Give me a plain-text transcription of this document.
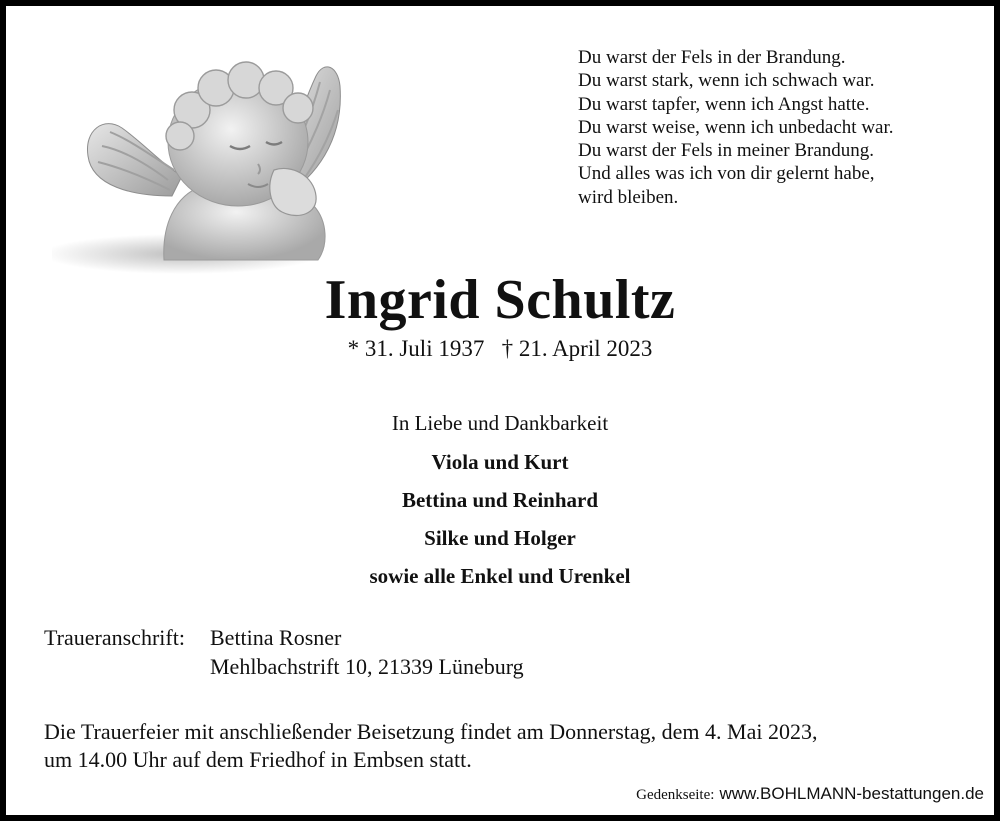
Du warst der Fels in der Brandung.
Du warst stark, wenn ich schwach war.
Du warst tapfer, wenn ich Angst hatte.
Du warst weise, wenn ich unbedacht war.
Du warst der Fels in meiner Brandung.
Und alles was ich von dir gelernt habe,
wird bleiben.
Ingrid Schultz
* 31. Juli 1937   † 21. April 2023
In Liebe und Dankbarkeit
Viola und Kurt
Bettina und Reinhard
Silke und Holger
sowie alle Enkel und Urenkel
Traueranschrift:	Bettina Rosner
Mehlbachstrift 10, 21339 Lüneburg
Die Trauerfeier mit anschließender Beisetzung findet am Donnerstag, dem 4. Mai 2023,
um 14.00 Uhr auf dem Friedhof in Embsen statt.
Gedenkseite: www.BOHLMANN-bestattungen.de
